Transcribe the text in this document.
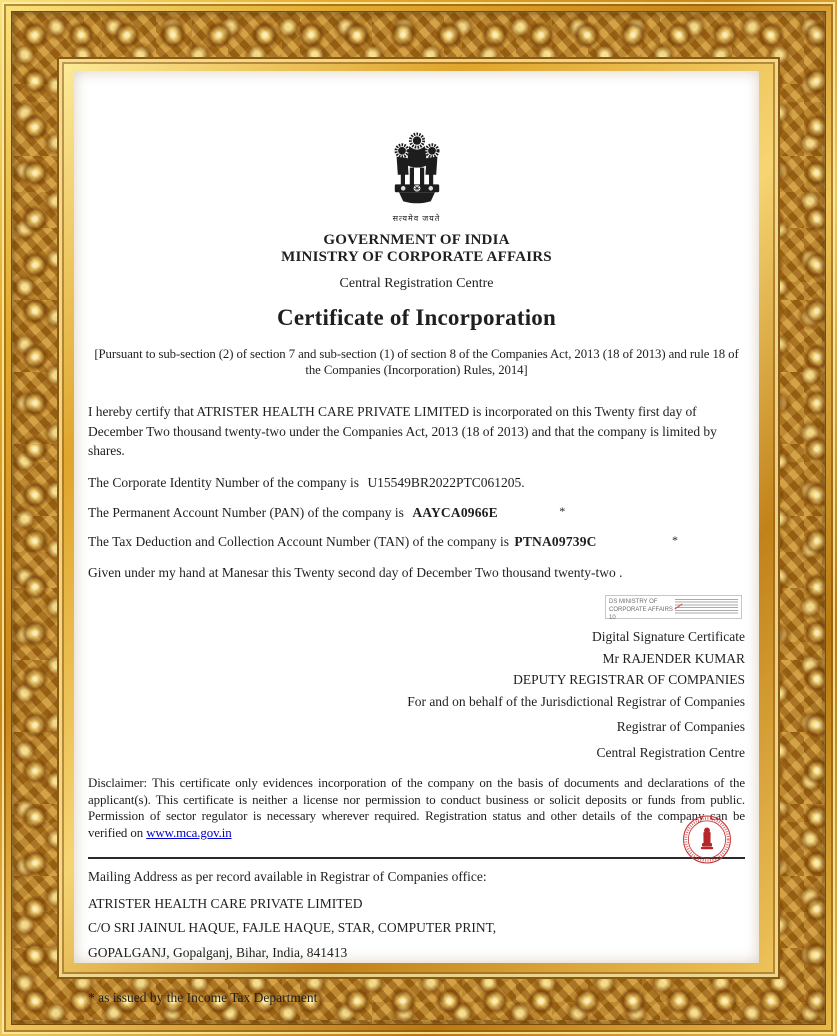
सत्यमेव जयते
GOVERNMENT OF INDIA
MINISTRY OF CORPORATE AFFAIRS
Central Registration Centre
Certificate of Incorporation
[Pursuant to sub-section (2) of section 7 and sub-section (1) of section 8 of the Companies Act, 2013 (18 of 2013) and rule 18 of the Companies (Incorporation) Rules, 2014]

I hereby certify that ATRISTER HEALTH CARE PRIVATE LIMITED is incorporated on this Twenty first day of December Two thousand twenty-two under the Companies Act, 2013 (18 of 2013) and that the company is limited by shares.

The Corporate Identity Number of the company is U15549BR2022PTC061205.
The Permanent Account Number (PAN) of the company is AAYCA0966E	*
The Tax Deduction and Collection Account Number (TAN) of the company is PTNA09739C	*
Given under my hand at Manesar this Twenty second day of December Two thousand twenty-two .
DS MINISTRY OF CORPORATE AFFAIRS 10
Digital Signature Certificate
Mr RAJENDER KUMAR
DEPUTY REGISTRAR OF COMPANIES
For and on behalf of the Jurisdictional Registrar of Companies
Registrar of Companies
Central Registration Centre

Disclaimer: This certificate only evidences incorporation of the company on the basis of documents and declarations of the applicant(s). This certificate is neither a license nor permission to conduct business or solicit deposits or funds from public. Permission of sector regulator is necessary wherever required. Registration status and other details of the company can be verified on www.mca.gov.in

Mailing Address as per record available in Registrar of Companies office:
ATRISTER HEALTH CARE PRIVATE LIMITED
C/O SRI JAINUL HAQUE, FAJLE HAQUE, STAR, COMPUTER PRINT,
GOPALGANJ, Gopalganj, Bihar, India, 841413
* as issued by the Income Tax Department
